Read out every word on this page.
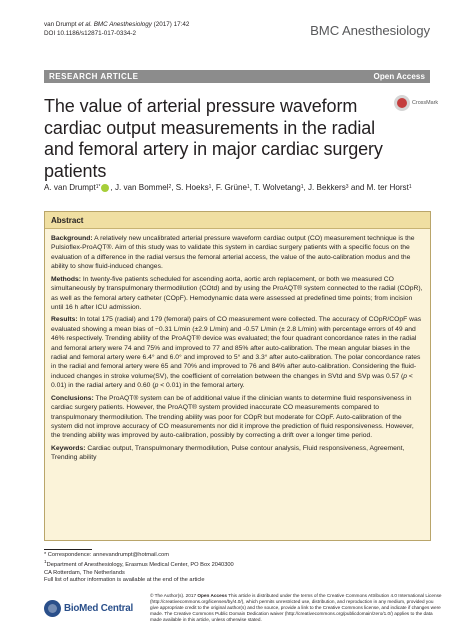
van Drumpt et al. BMC Anesthesiology (2017) 17:42
DOI 10.1186/s12871-017-0334-2	BMC Anesthesiology
RESEARCH ARTICLE	Open Access
The value of arterial pressure waveform cardiac output measurements in the radial and femoral artery in major cardiac surgery patients
CrossMark
A. van Drumpt$^{1*}$ , J. van Bommel$^2$, S. Hoeks$^1$, F. Grüne$^1$, T. Wolvetang$^1$, J. Bekkers$^3$ and M. ter Horst$^1$
Abstract

Background: A relatively new uncalibrated arterial pressure waveform cardiac output (CO) measurement technique is the Pulsioflex-ProAQT®. Aim of this study was to validate this system in cardiac surgery patients with a specific focus on the evaluation of a difference in the radial versus the femoral arterial access, the value of the auto-calibration modus and the ability to show fluid-induced changes.

Methods: In twenty-five patients scheduled for ascending aorta, aortic arch replacement, or both we measured CO simultaneously by transpulmonary thermodilution (COtd) and by using the ProAQT® system connected to the radial (COpR), as well as the femoral artery catheter (COpF). Hemodynamic data were assessed at predefined time points; from incision until 16 h after ICU admission.

Results: In total 175 (radial) and 179 (femoral) pairs of CO measurement were collected. The accuracy of COpR/COpF was evaluated showing a mean bias of −0.31 L/min (±2.9 L/min) and -0.57 L/min (± 2.8 L/min) with percentage errors of 49 and 46% respectively. Trending ability of the ProAQT® device was evaluated; the four quadrant concordance rates in the radial and femoral artery were 74 and 75% and improved to 77 and 85% after auto-calibration. The mean angular biases in the radial and femoral artery were 6.4° and 6.0° and improved to 5° and 3.3° after auto-calibration. The polar concordance rates in the radial and femoral artery were 65 and 70% and improved to 76 and 84% after auto-calibration. Considering the fluid-induced changes in stroke volume(SV), the coefficient of correlation between the changes in SVtd and SVp was 0.57 (p < 0.01) in the radial artery and 0.60 (p < 0.01) in the femoral artery.

Conclusions: The ProAQT® system can be of additional value if the clinician wants to determine fluid responsiveness in cardiac surgery patients. However, the ProAQT® system provided inaccurate CO measurements compared to transpulmonary thermodilution. The trending ability was poor for COpR but moderate for COpF. Auto-calibration of the system did not improve accuracy of CO measurements nor did it improve the prediction of fluid responsiveness. However, the trending ability was improved by auto-calibration, possibly by correcting a drift over a longer time period.

Keywords: Cardiac output, Transpulmonary thermodilution, Pulse contour analysis, Fluid responsiveness, Agreement, Trending ability

* Correspondence: annevandrumpt@hotmail.com
$^1$Department of Anesthesiology, Erasmus Medical Center, PO Box 2040300
CA Rotterdam, The Netherlands
Full list of author information is available at the end of the article
BioMed Central
© The Author(s). 2017 Open Access This article is distributed under the terms of the Creative Commons Attribution 4.0 International License (http://creativecommons.org/licenses/by/4.0/), which permits unrestricted use, distribution, and reproduction in any medium, provided you give appropriate credit to the original author(s) and the source, provide a link to the Creative Commons license, and indicate if changes were made. The Creative Commons Public Domain Dedication waiver (http://creativecommons.org/publicdomain/zero/1.0/) applies to the data made available in this article, unless otherwise stated.
